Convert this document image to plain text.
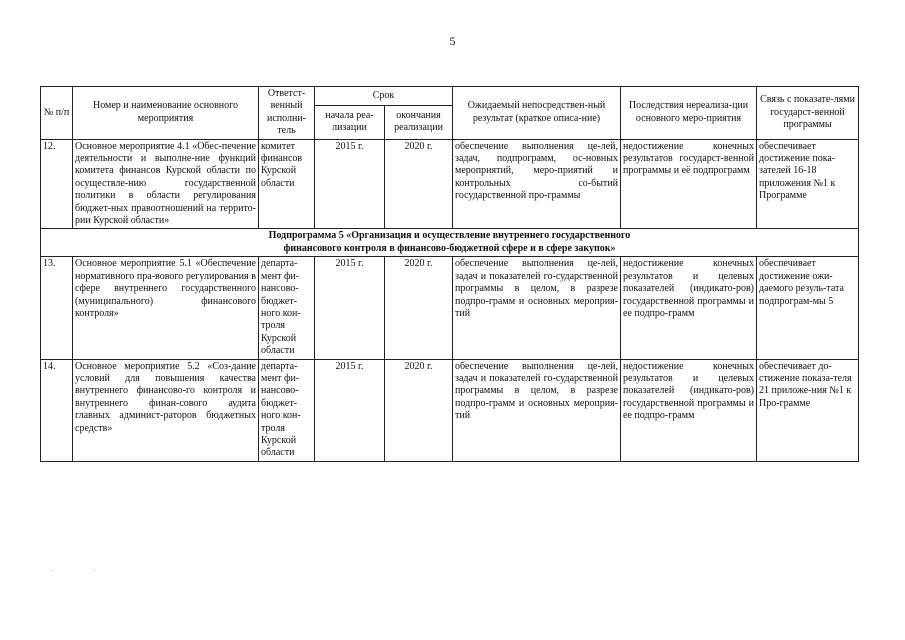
5
№ п/п	Номер и наименование основного мероприятия	Ответст-венный исполни-тель	Срок		Ожидаемый непосредствен-ный результат (краткое описа-ние)	Последствия нереализа-ции основного меро-приятия	Связь с показате-лями государст-венной программы
			начала реа-лизации	окончания реализации			
12.	Основное мероприятие 4.1 «Обес-печение деятельности и выполне-ние функций комитета финансов Курской области по осуществле-нию государственной политики в области регулирования бюджет-ных правоотношений на террито-рии Курской области»	комитет финансов Курской области	2015 г.	2020 г.	обеспечение выполнения це-лей, задач, подпрограмм, ос-новных мероприятий, меро-приятий и контрольных со-бытий государственной про-граммы	недостижение конечных результатов государст-венной программы и её подпрограмм	обеспечивает достижение пока-зателей 16-18 приложения №1 к Программе

Подпрограмма 5 «Организация и осуществление внутреннего государственного
финансового контроля в финансово-бюджетной сфере и в сфере закупок»							

13.	Основное мероприятие 5.1 «Обеспечение нормативного пра-вового регулирования в сфере внутреннего государственного (муниципального) финансового контроля»	департа-мент фи-нансово-бюджет-ного кон-троля Курской области	2015 г.	2020 г.	обеспечение выполнения це-лей, задач и показателей го-сударственной программы в целом, в разрезе подпро-грамм и основных мероприя-тий	недостижение конечных результатов и целевых показателей (индикато-ров) государственной программы и ее подпро-грамм	обеспечивает достижение ожи-даемого резуль-тата подпрограм-мы 5
14.	Основное мероприятие 5.2 «Соз-дание условий для повышения качества внутреннего финансово-го контроля и внутреннего финан-сового аудита главных админист-раторов бюджетных средств»	департа-мент фи-нансово-бюджет-ного кон-троля Курской области	2015 г.	2020 г.	обеспечение выполнения це-лей, задач и показателей го-сударственной программы в целом, в разрезе подпро-грамм и основных мероприя-тий	недостижение конечных результатов и целевых показателей (индикато-ров) государственной программы и ее подпро-грамм	обеспечивает до-стижение показа-теля 21 приложе-ния №1 к Про-грамме
··
